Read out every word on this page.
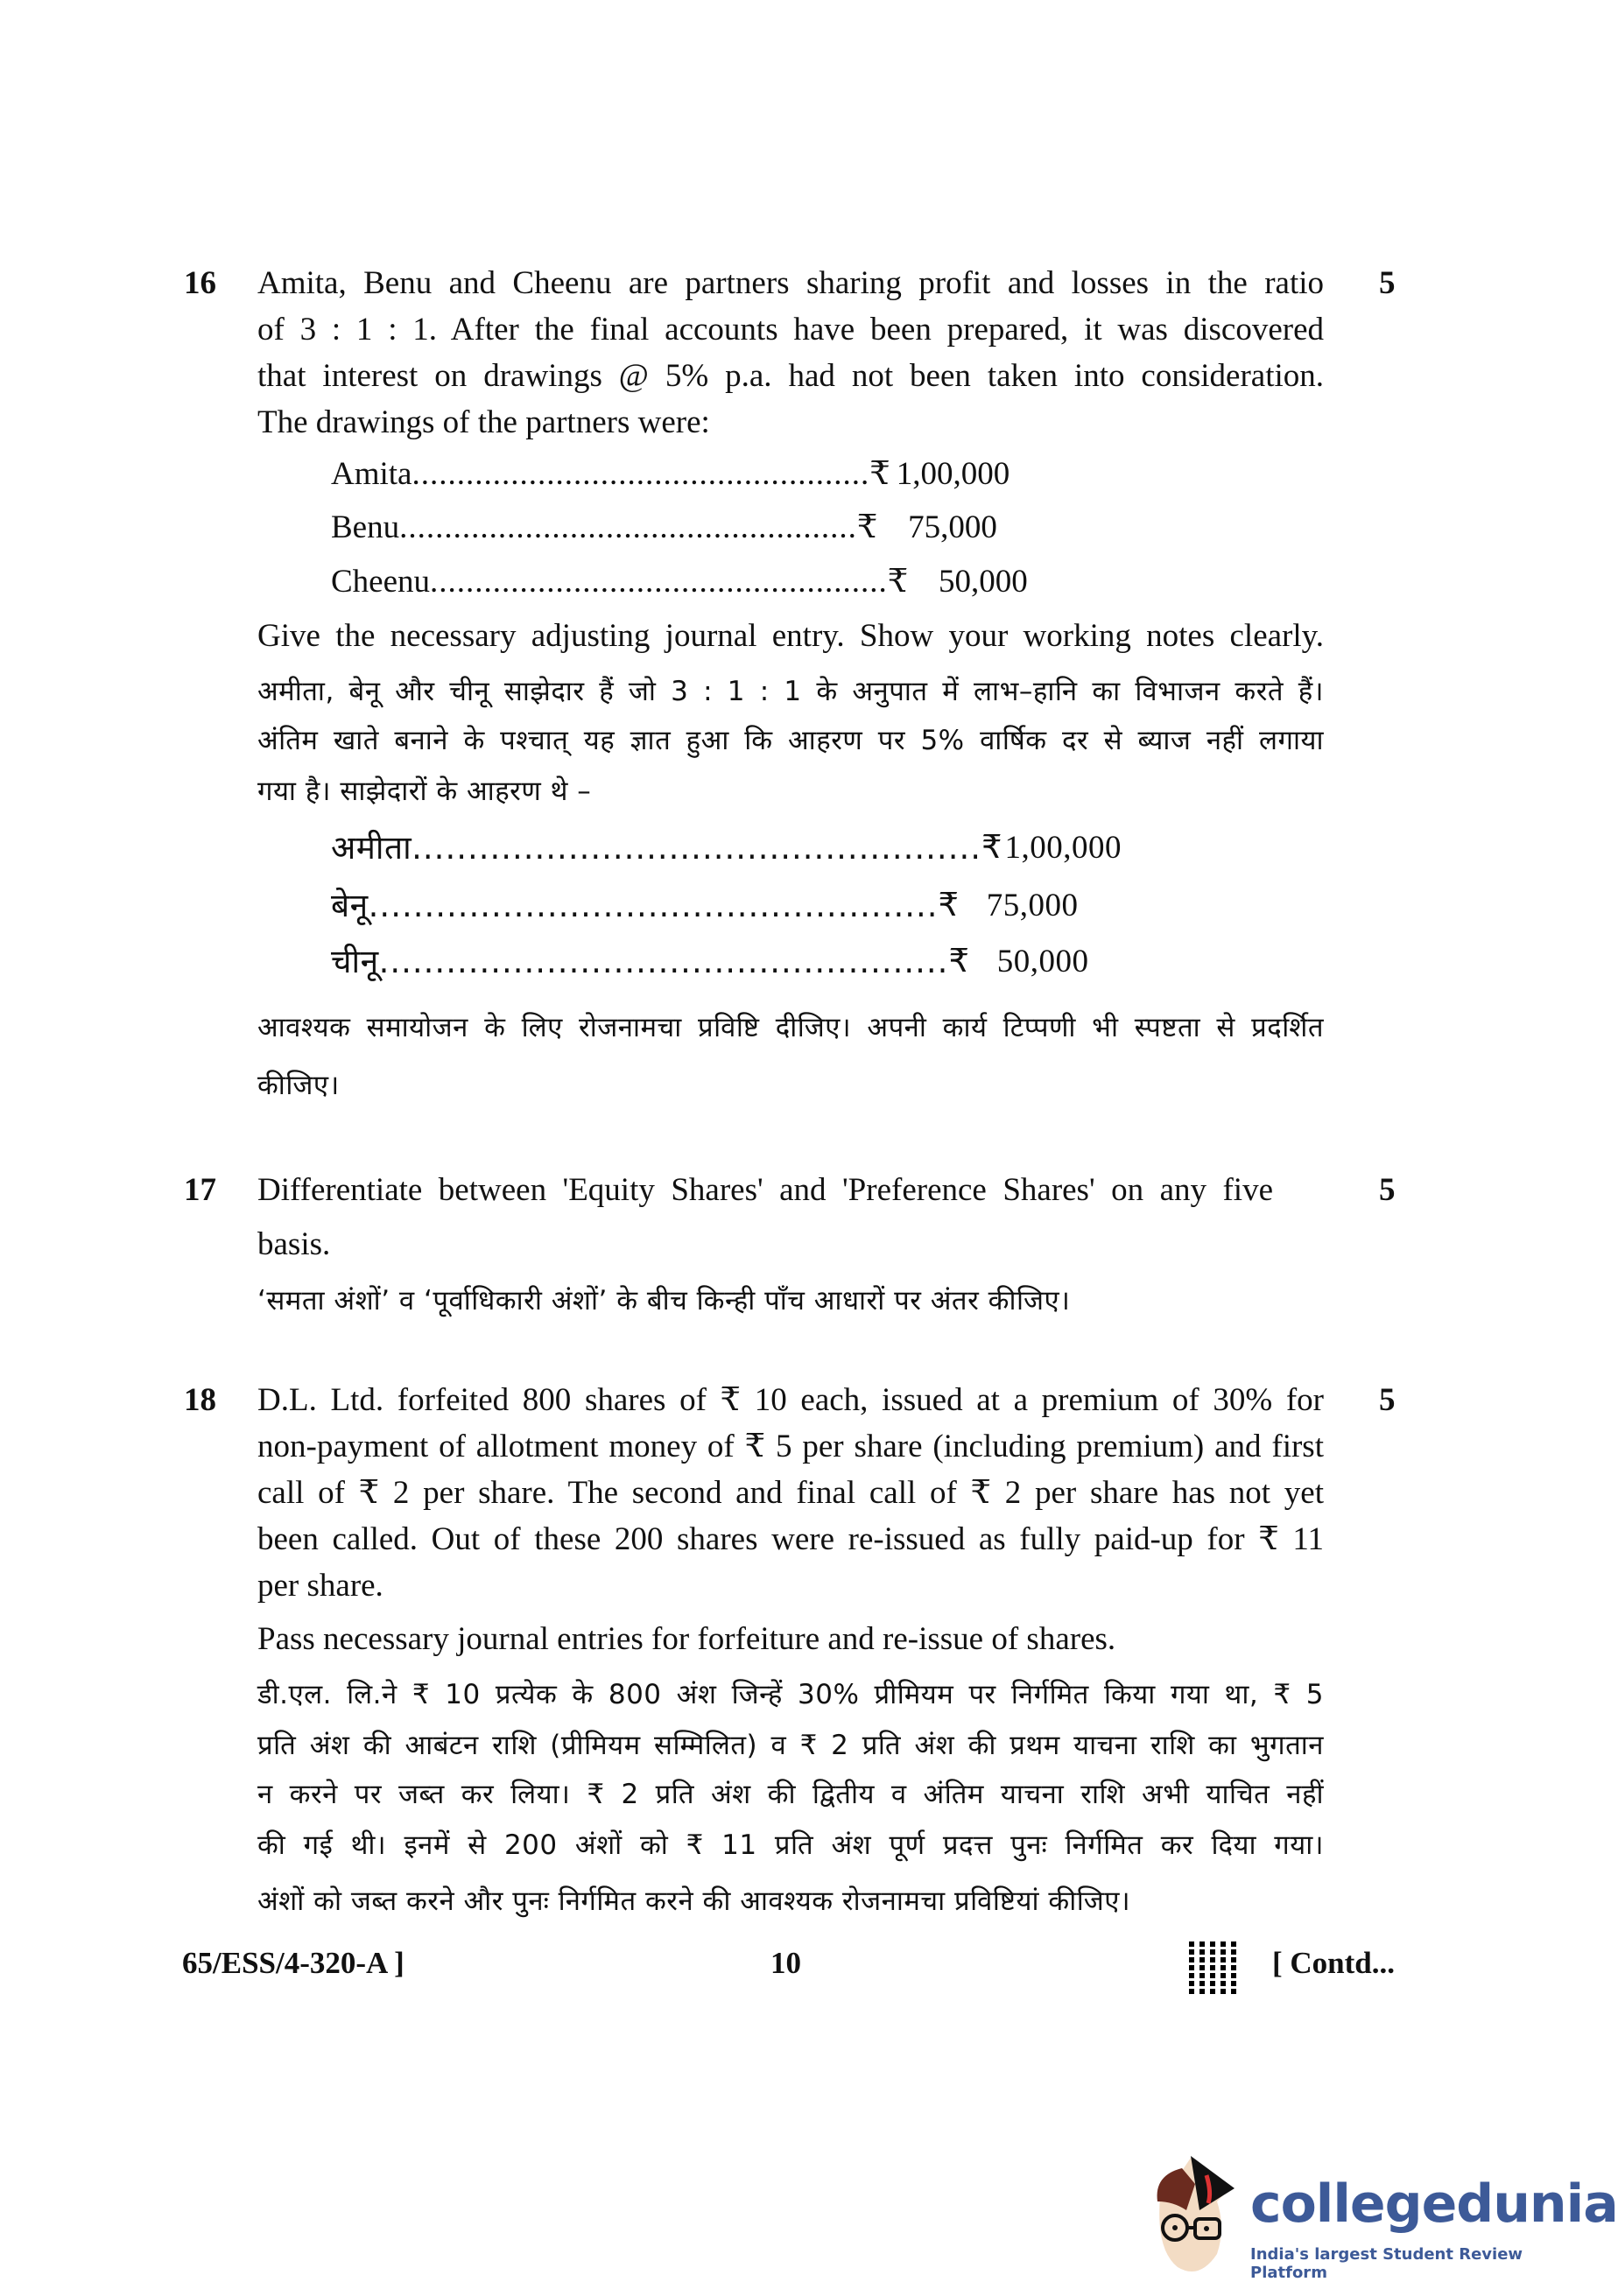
16	5
Amita, Benu and Cheenu are partners sharing profit and losses in the ratio
of 3 : 1 : 1. After the final accounts have been prepared, it was discovered
that interest on drawings @ 5% p.a. had not been taken into consideration.
The drawings of the partners were:
Amita .....	₹ 1,00,000
Benu .....	₹ 75,000
Cheenu .....	₹ 50,000
Give the necessary adjusting journal entry. Show your working notes clearly.
अमीता, बेनू और चीनू साझेदार हैं जो 3 : 1 : 1 के अनुपात में लाभ–हानि का विभाजन करते हैं।
अंतिम खाते बनाने के पश्चात् यह ज्ञात हुआ कि आहरण पर 5% वार्षिक दर से ब्याज नहीं लगाया
गया है। साझेदारों के आहरण थे –
अमीता .....	₹ 1,00,000
बेनू .....	₹ 75,000
चीनू .....	₹ 50,000
आवश्यक समायोजन के लिए रोजनामचा प्रविष्टि दीजिए। अपनी कार्य टिप्पणी भी स्पष्टता से प्रदर्शित
कीजिए।
17	5
Differentiate between 'Equity Shares' and 'Preference Shares' on any five
basis.
‘समता अंशों’ व ‘पूर्वाधिकारी अंशों’ के बीच किन्ही पाँच आधारों पर अंतर कीजिए।
18	5
D.L. Ltd. forfeited 800 shares of ₹ 10 each, issued at a premium of 30% for
non-payment of allotment money of ₹ 5 per share (including premium) and first
call of ₹ 2 per share. The second and final call of ₹ 2 per share has not yet
been called. Out of these 200 shares were re-issued as fully paid-up for ₹ 11
per share.
Pass necessary journal entries for forfeiture and re-issue of shares.
डी.एल. लि.ने ₹ 10 प्रत्येक के 800 अंश जिन्हें 30% प्रीमियम पर निर्गमित किया गया था, ₹ 5
प्रति अंश की आबंटन राशि (प्रीमियम सम्मिलित) व ₹ 2 प्रति अंश की प्रथम याचना राशि का भुगतान
न करने पर जब्त कर लिया। ₹ 2 प्रति अंश की द्वितीय व अंतिम याचना राशि अभी याचित नहीं
की गई थी। इनमें से 200 अंशों को ₹ 11 प्रति अंश पूर्ण प्रदत्त पुनः निर्गमित कर दिया गया।
अंशों को जब्त करने और पुनः निर्गमित करने की आवश्यक रोजनामचा प्रविष्टियां कीजिए।
65/ESS/4-320-A ]	10	[ Contd...
collegedunia
India's largest Student Review Platform
